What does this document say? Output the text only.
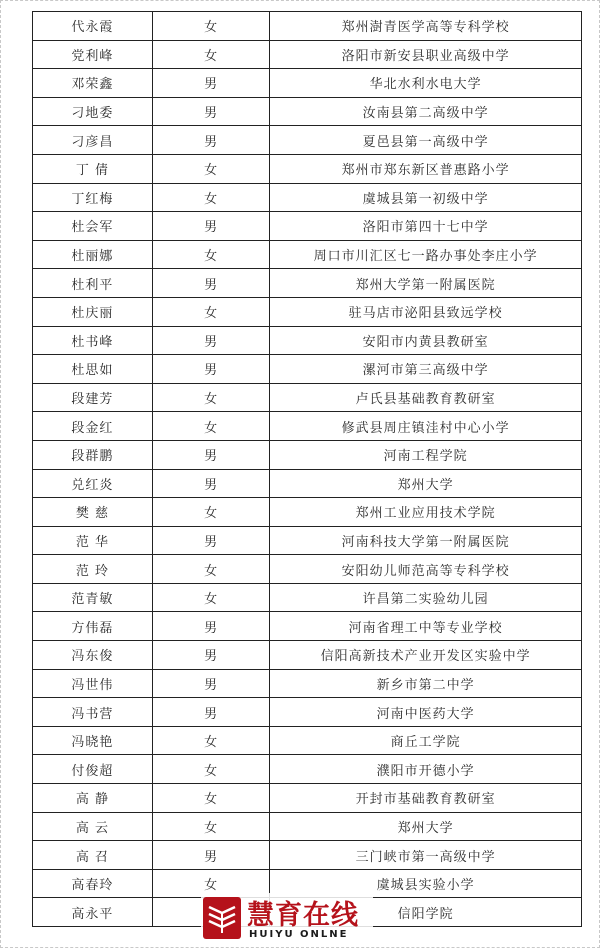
代永霞	女	郑州澍青医学高等专科学校
党利峰	女	洛阳市新安县职业高级中学
邓荣鑫	男	华北水利水电大学
刁地委	男	汝南县第二高级中学
刁彦昌	男	夏邑县第一高级中学
丁 倩	女	郑州市郑东新区普惠路小学
丁红梅	女	虞城县第一初级中学
杜会军	男	洛阳市第四十七中学
杜丽娜	女	周口市川汇区七一路办事处李庄小学
杜利平	男	郑州大学第一附属医院
杜庆丽	女	驻马店市泌阳县致远学校
杜书峰	男	安阳市内黄县教研室
杜思如	男	漯河市第三高级中学
段建芳	女	卢氏县基础教育教研室
段金红	女	修武县周庄镇洼村中心小学
段群鹏	男	河南工程学院
兑红炎	男	郑州大学
樊 慈	女	郑州工业应用技术学院
范 华	男	河南科技大学第一附属医院
范 玲	女	安阳幼儿师范高等专科学校
范青敏	女	许昌第二实验幼儿园
方伟磊	男	河南省理工中等专业学校
冯东俊	男	信阳高新技术产业开发区实验中学
冯世伟	男	新乡市第二中学
冯书营	男	河南中医药大学
冯晓艳	女	商丘工学院
付俊超	女	濮阳市开德小学
高 静	女	开封市基础教育教研室
高 云	女	郑州大学
高 召	男	三门峡市第一高级中学
高春玲	女	虞城县实验小学
高永平		信阳学院
慧育在线
HUIYU ONLNE
